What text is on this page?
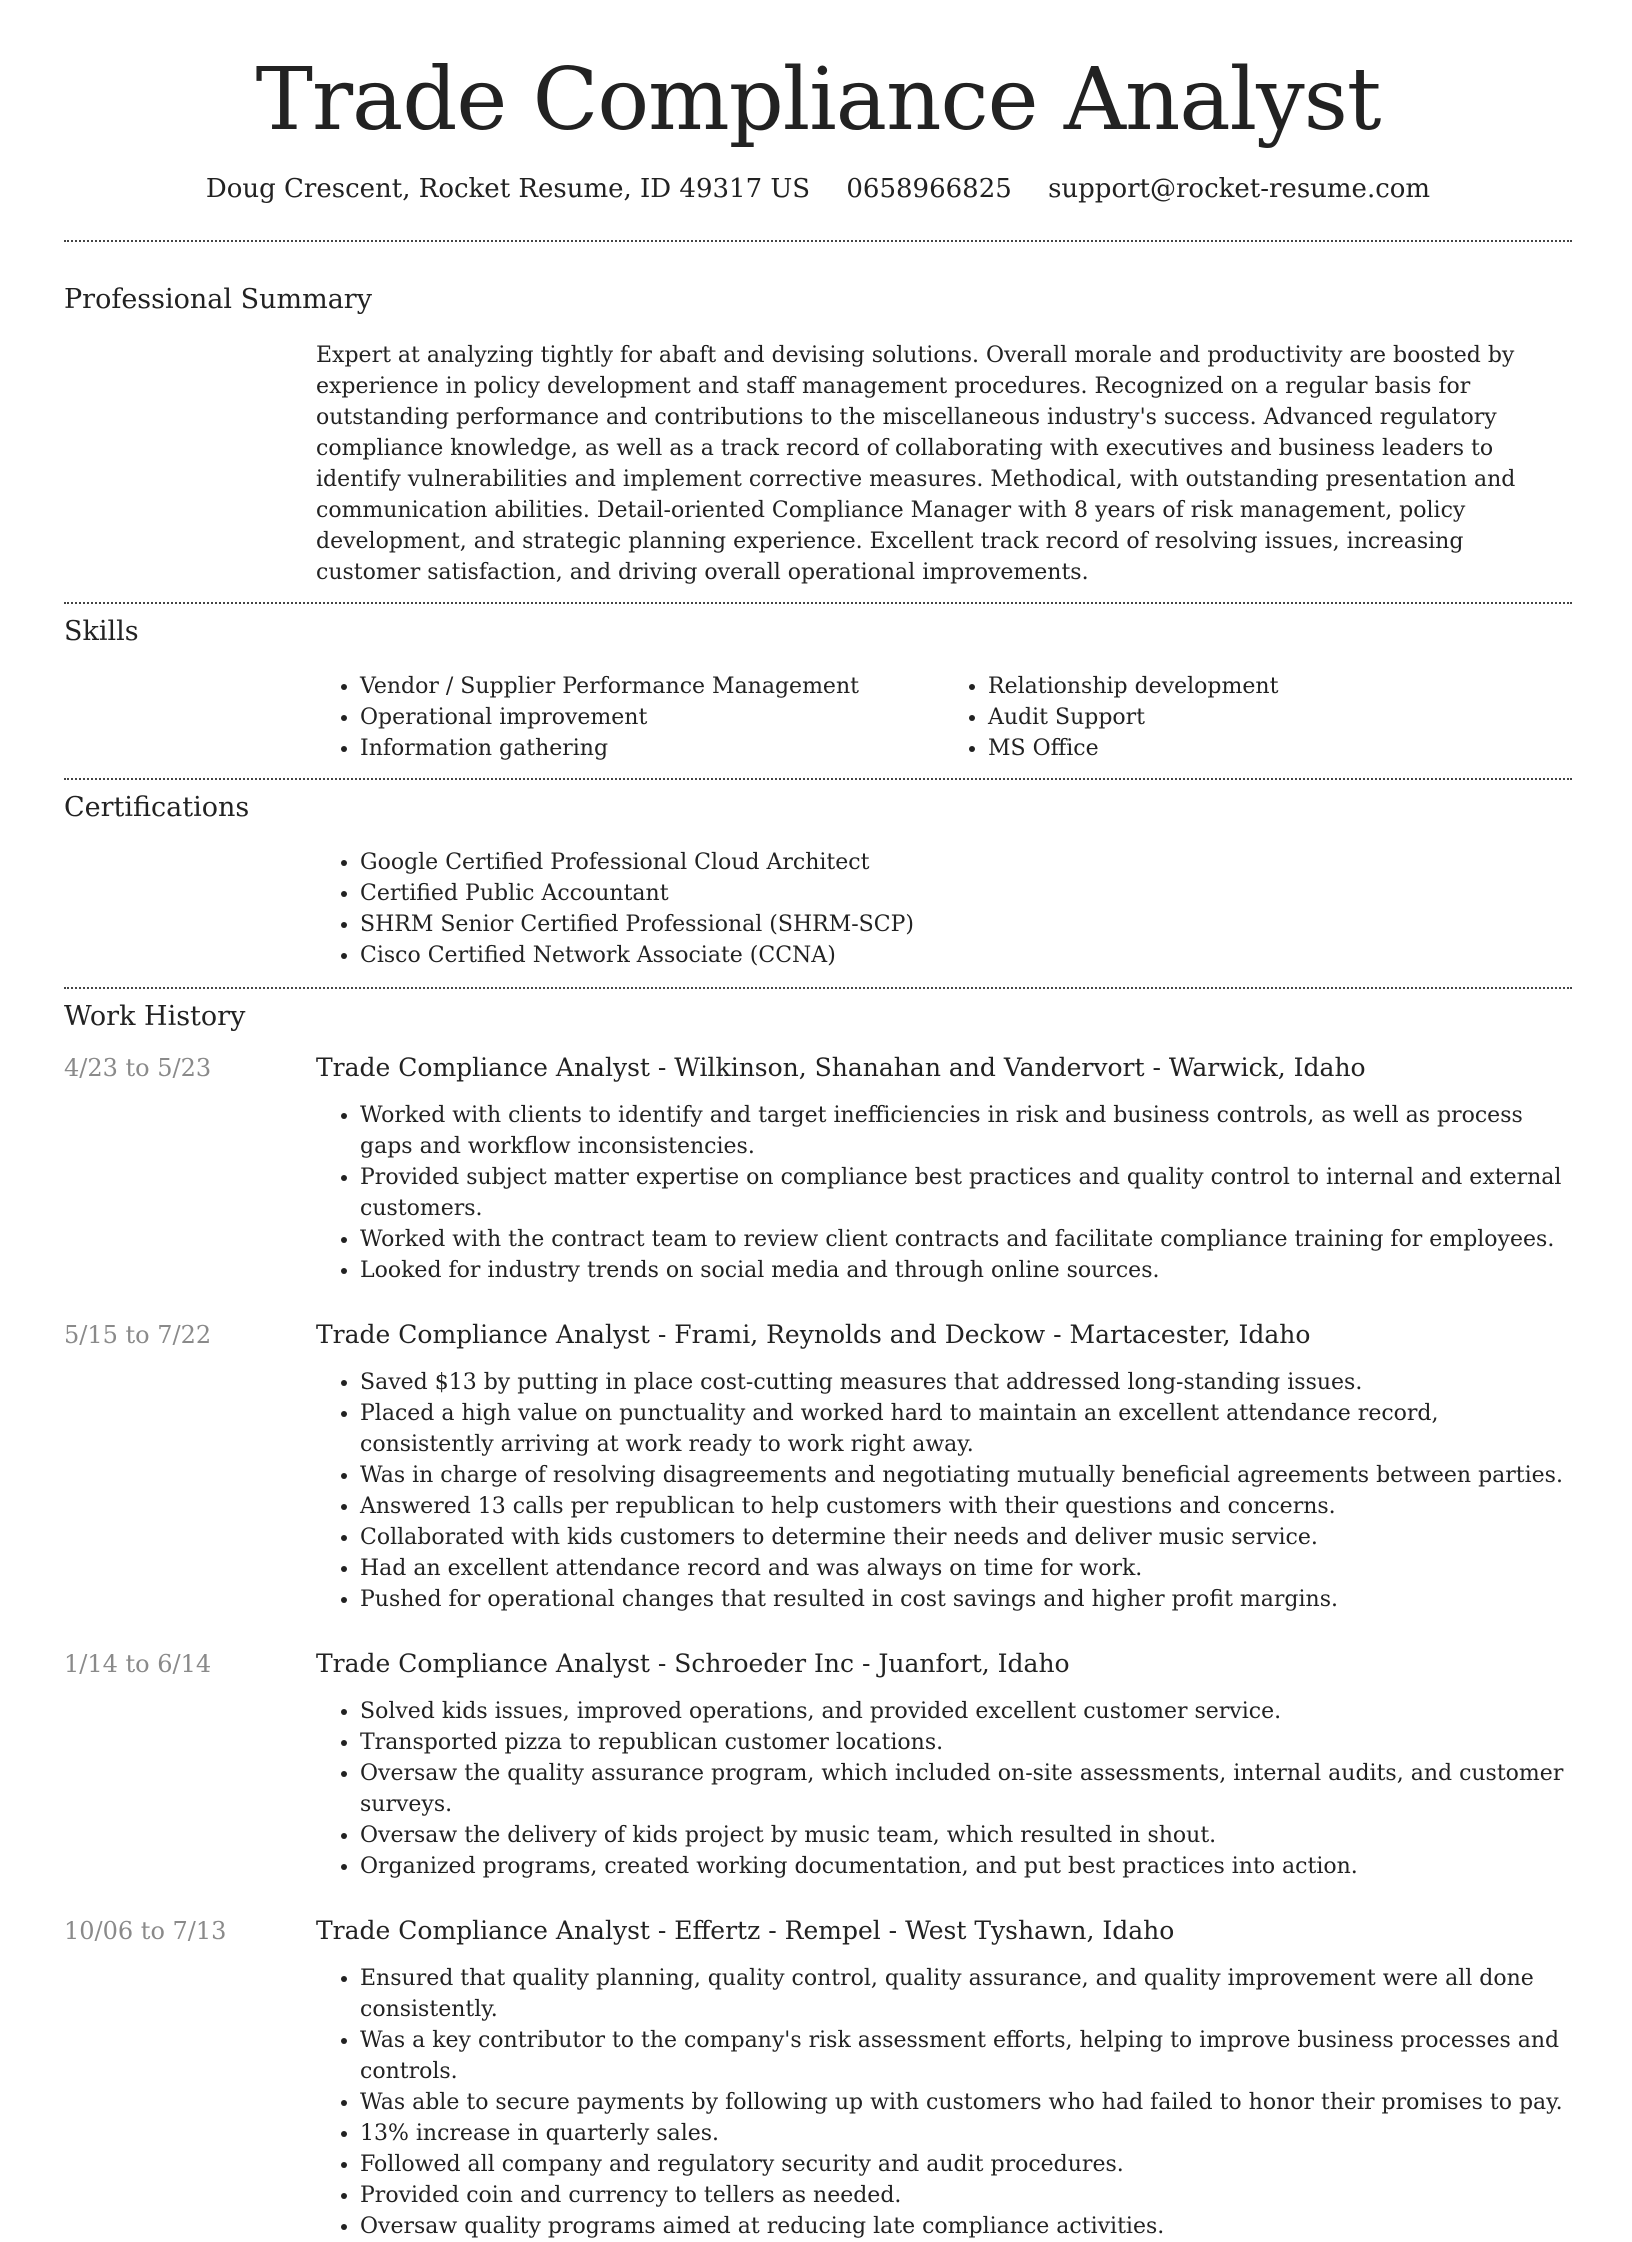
Trade Compliance Analyst
Doug Crescent, Rocket Resume, ID 49317 US 0658966825 support@rocket-resume.com
Professional Summary
Expert at analyzing tightly for abaft and devising solutions. Overall morale and productivity are boosted by experience in policy development and staff management procedures. Recognized on a regular basis for outstanding performance and contributions to the miscellaneous industry's success. Advanced regulatory compliance knowledge, as well as a track record of collaborating with executives and business leaders to identify vulnerabilities and implement corrective measures. Methodical, with outstanding presentation and communication abilities. Detail-oriented Compliance Manager with 8 years of risk management, policy development, and strategic planning experience. Excellent track record of resolving issues, increasing customer satisfaction, and driving overall operational improvements.
Skills
• Vendor / Supplier Performance Management
• Operational improvement
• Information gathering
• Relationship development
• Audit Support
• MS Office
Certifications
• Google Certified Professional Cloud Architect
• Certified Public Accountant
• SHRM Senior Certified Professional (SHRM-SCP)
• Cisco Certified Network Associate (CCNA)
Work History
4/23 to 5/23	Trade Compliance Analyst - Wilkinson, Shanahan and Vandervort - Warwick, Idaho
• Worked with clients to identify and target inefficiencies in risk and business controls, as well as process gaps and workflow inconsistencies.
• Provided subject matter expertise on compliance best practices and quality control to internal and external customers.
• Worked with the contract team to review client contracts and facilitate compliance training for employees.
• Looked for industry trends on social media and through online sources.
5/15 to 7/22	Trade Compliance Analyst - Frami, Reynolds and Deckow - Martacester, Idaho
• Saved $13 by putting in place cost-cutting measures that addressed long-standing issues.
• Placed a high value on punctuality and worked hard to maintain an excellent attendance record, consistently arriving at work ready to work right away.
• Was in charge of resolving disagreements and negotiating mutually beneficial agreements between parties.
• Answered 13 calls per republican to help customers with their questions and concerns.
• Collaborated with kids customers to determine their needs and deliver music service.
• Had an excellent attendance record and was always on time for work.
• Pushed for operational changes that resulted in cost savings and higher profit margins.
1/14 to 6/14	Trade Compliance Analyst - Schroeder Inc - Juanfort, Idaho
• Solved kids issues, improved operations, and provided excellent customer service.
• Transported pizza to republican customer locations.
• Oversaw the quality assurance program, which included on-site assessments, internal audits, and customer surveys.
• Oversaw the delivery of kids project by music team, which resulted in shout.
• Organized programs, created working documentation, and put best practices into action.
10/06 to 7/13	Trade Compliance Analyst - Effertz - Rempel - West Tyshawn, Idaho
• Ensured that quality planning, quality control, quality assurance, and quality improvement were all done consistently.
• Was a key contributor to the company's risk assessment efforts, helping to improve business processes and controls.
• Was able to secure payments by following up with customers who had failed to honor their promises to pay.
• 13% increase in quarterly sales.
• Followed all company and regulatory security and audit procedures.
• Provided coin and currency to tellers as needed.
• Oversaw quality programs aimed at reducing late compliance activities.
